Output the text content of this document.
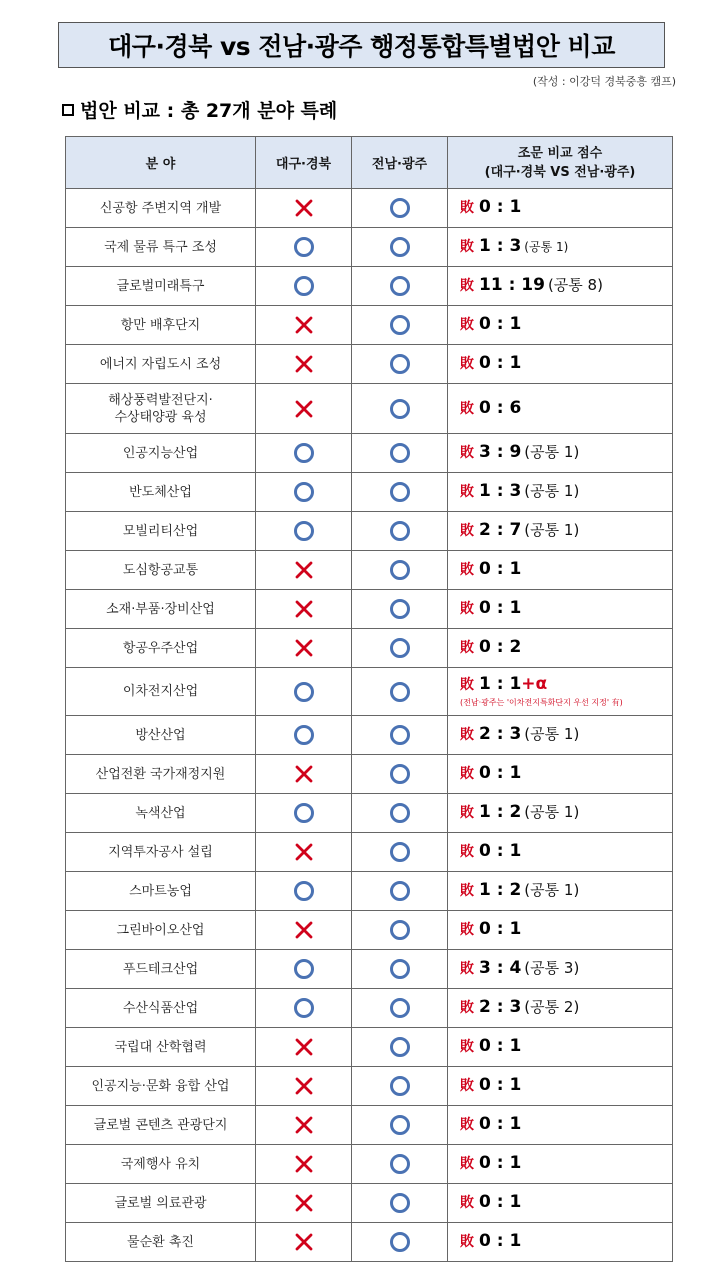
대구·경북 vs 전남·광주 행정통합특별법안 비교
(작성 : 이강덕 경북중흥 캠프)
법안 비교 : 총 27개 분야 특례
분 야	대구·경북	전남·광주	조문 비교 점수
(대구·경북 VS 전남·광주)
신공항 주변지역 개발			敗 0 : 1

국제 물류 특구 조성			敗 1 : 3 (공통 1)

글로벌미래특구			敗 11 : 19 (공통 8)

항만 배후단지			敗 0 : 1

에너지 자립도시 조성			敗 0 : 1

해상풍력발전단지·
수상태양광 육성			敗 0 : 6

인공지능산업			敗 3 : 9 (공통 1)

반도체산업			敗 1 : 3 (공통 1)

모빌리티산업			敗 2 : 7 (공통 1)

도심항공교통			敗 0 : 1

소재·부품·장비산업			敗 0 : 1

항공우주산업			敗 0 : 2

이차전지산업			敗 1 : 1+α
(전남·광주는 '이차전지특화단지 우선 지정' 有)

방산산업			敗 2 : 3 (공통 1)

산업전환 국가재정지원			敗 0 : 1

녹색산업			敗 1 : 2 (공통 1)

지역투자공사 설립			敗 0 : 1

스마트농업			敗 1 : 2 (공통 1)

그린바이오산업			敗 0 : 1

푸드테크산업			敗 3 : 4 (공통 3)

수산식품산업			敗 2 : 3 (공통 2)

국립대 산학협력			敗 0 : 1

인공지능·문화 융합 산업			敗 0 : 1

글로벌 콘텐츠 관광단지			敗 0 : 1

국제행사 유치			敗 0 : 1

글로벌 의료관광			敗 0 : 1

물순환 촉진			敗 0 : 1
